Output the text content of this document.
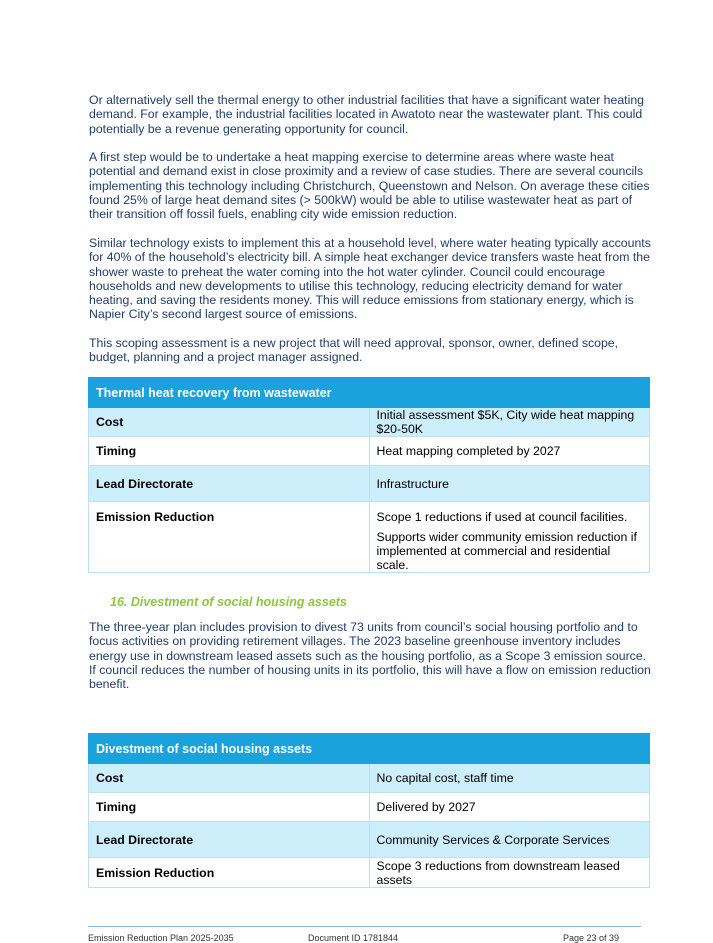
Or alternatively sell the thermal energy to other industrial facilities that have a significant water heating demand. For example, the industrial facilities located in Awatoto near the wastewater plant. This could potentially be a revenue generating opportunity for council.

A first step would be to undertake a heat mapping exercise to determine areas where waste heat potential and demand exist in close proximity and a review of case studies. There are several councils implementing this technology including Christchurch, Queenstown and Nelson. On average these cities found 25% of large heat demand sites (> 500kW) would be able to utilise wastewater heat as part of their transition off fossil fuels, enabling city wide emission reduction.

Similar technology exists to implement this at a household level, where water heating typically accounts for 40% of the household’s electricity bill. A simple heat exchanger device transfers waste heat from the shower waste to preheat the water coming into the hot water cylinder. Council could encourage households and new developments to utilise this technology, reducing electricity demand for water heating, and saving the residents money. This will reduce emissions from stationary energy, which is Napier City’s second largest source of emissions.

This scoping assessment is a new project that will need approval, sponsor, owner, defined scope, budget, planning and a project manager assigned.

Thermal heat recovery from wastewater	
Cost	Initial assessment $5K, City wide heat mapping $20-50K
Timing	Heat mapping completed by 2027
Lead Directorate	Infrastructure
Emission Reduction	Scope 1 reductions if used at council facilities.

Supports wider community emission reduction if implemented at commercial and residential scale.

16. Divestment of social housing assets

The three-year plan includes provision to divest 73 units from council’s social housing portfolio and to focus activities on providing retirement villages. The 2023 baseline greenhouse inventory includes energy use in downstream leased assets such as the housing portfolio, as a Scope 3 emission source. If council reduces the number of housing units in its portfolio, this will have a flow on emission reduction benefit.

Divestment of social housing assets	
Cost	No capital cost, staff time
Timing	Delivered by 2027
Lead Directorate	Community Services & Corporate Services
Emission Reduction	Scope 3 reductions from downstream leased assets
Emission Reduction Plan 2025-2035	Document ID 1781844	Page 23 of 39
